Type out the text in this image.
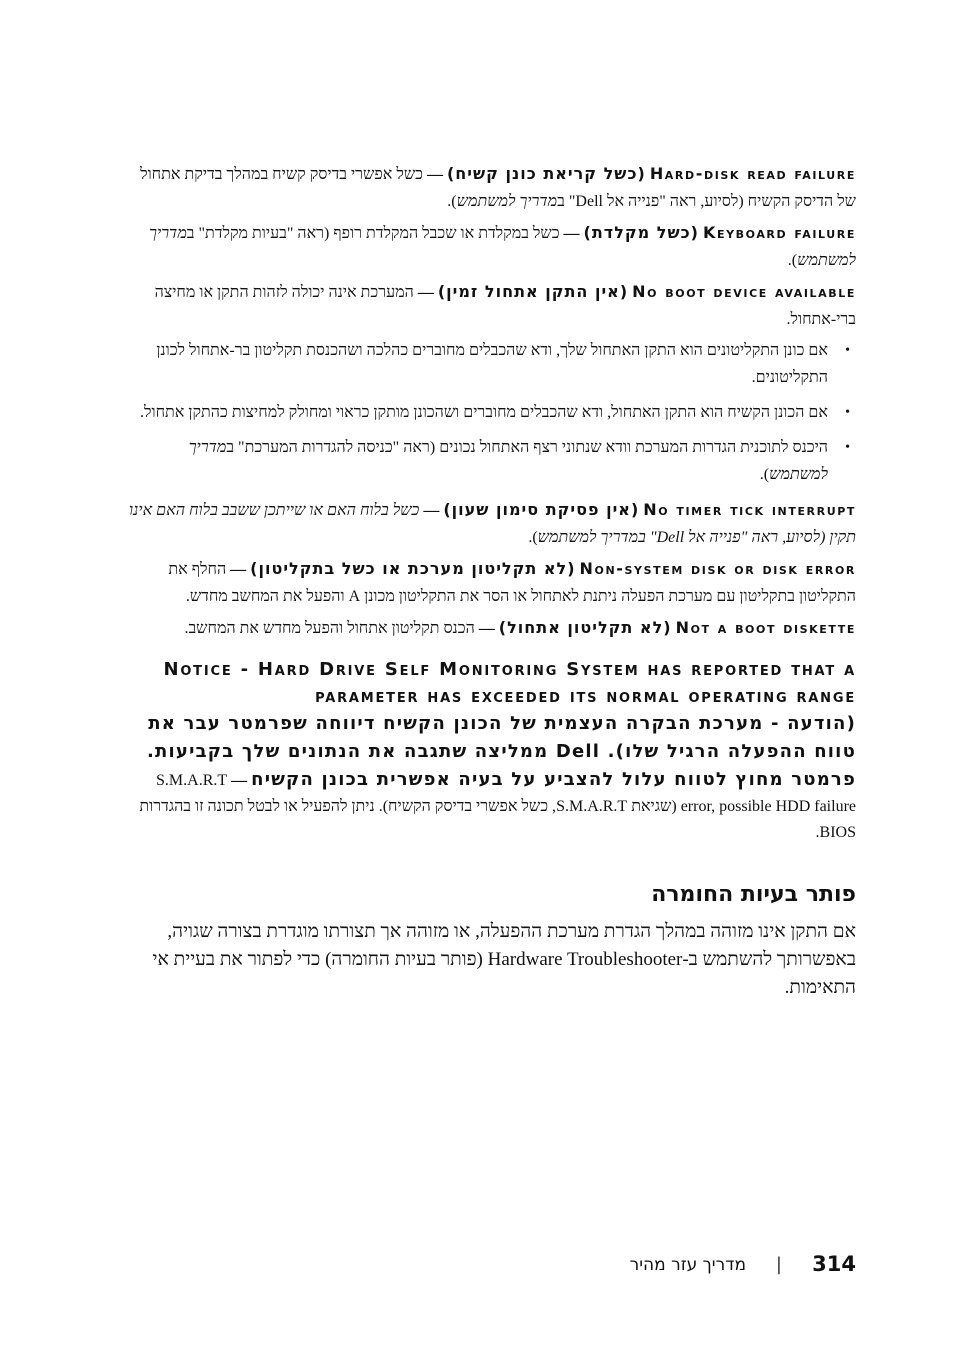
Hard-disk read failure (כשל קריאת כונן קשיח) — כשל אפשרי בדיסק קשיח במהלך בדיקת אתחול של הדיסק הקשיח (לסיוע, ראה "פנייה אל Dell" במדריך למשתמש).
Keyboard failure (כשל מקלדת) — כשל במקלדת או שכבל המקלדת רופף (ראה "בעיות מקלדת" במדריך למשתמש).
No boot device available (אין התקן אתחול זמין) — המערכת אינה יכולה לזהות התקן או מחיצה ברי-אתחול.
•
אם כונן התקליטונים הוא התקן האתחול שלך, ודא שהכבלים מחוברים כהלכה ושהכנסת תקליטון בר-אתחול לכונן התקליטונים.
•
אם הכונן הקשיח הוא התקן האתחול, ודא שהכבלים מחוברים ושהכונן מותקן כראוי ומחולק למחיצות כהתקן אתחול.
•
היכנס לתוכנית הגדרות המערכת וודא שנתוני רצף האתחול נכונים (ראה "כניסה להגדרות המערכת" במדריך למשתמש).
No timer tick interrupt (אין פסיקת סימון שעון) — כשל בלוח האם או שייתכן ששבב בלוח האם אינו תקין (לסיוע, ראה "פנייה אל Dell" במדריך למשתמש).
Non-system disk or disk error (לא תקליטון מערכת או כשל בתקליטון) — החלף את התקליטון בתקליטון עם מערכת הפעלה ניתנת לאתחול או הסר את התקליטון מכונן A והפעל את המחשב מחדש.
Not a boot diskette (לא תקליטון אתחול) — הכנס תקליטון אתחול והפעל מחדש את המחשב.
Notice - Hard Drive Self Monitoring System has reported that a parameter has exceeded its normal operating range
(הודעה - מערכת הבקרה העצמית של הכונן הקשיח דיווחה שפרמטר עבר את טווח ההפעלה הרגיל שלו). Dell ממליצה שתגבה את הנתונים שלך בקביעות. פרמטר מחוץ לטווח עלול להצביע על בעיה אפשרית בכונן הקשיח — S.M.A.R.T error, possible HDD failure (שגיאת S.M.A.R.T, כשל אפשרי בדיסק הקשיח). ניתן להפעיל או לבטל תכונה זו בהגדרות BIOS.
פותר בעיות החומרה
אם התקן אינו מזוהה במהלך הגדרת מערכת ההפעלה, או מזוהה אך תצורתו מוגדרת בצורה שגויה, באפשרותך להשתמש ב-Hardware Troubleshooter (פותר בעיות החומרה) כדי לפתור את בעיית אי התאימות.
314
|
מדריך עזר מהיר
